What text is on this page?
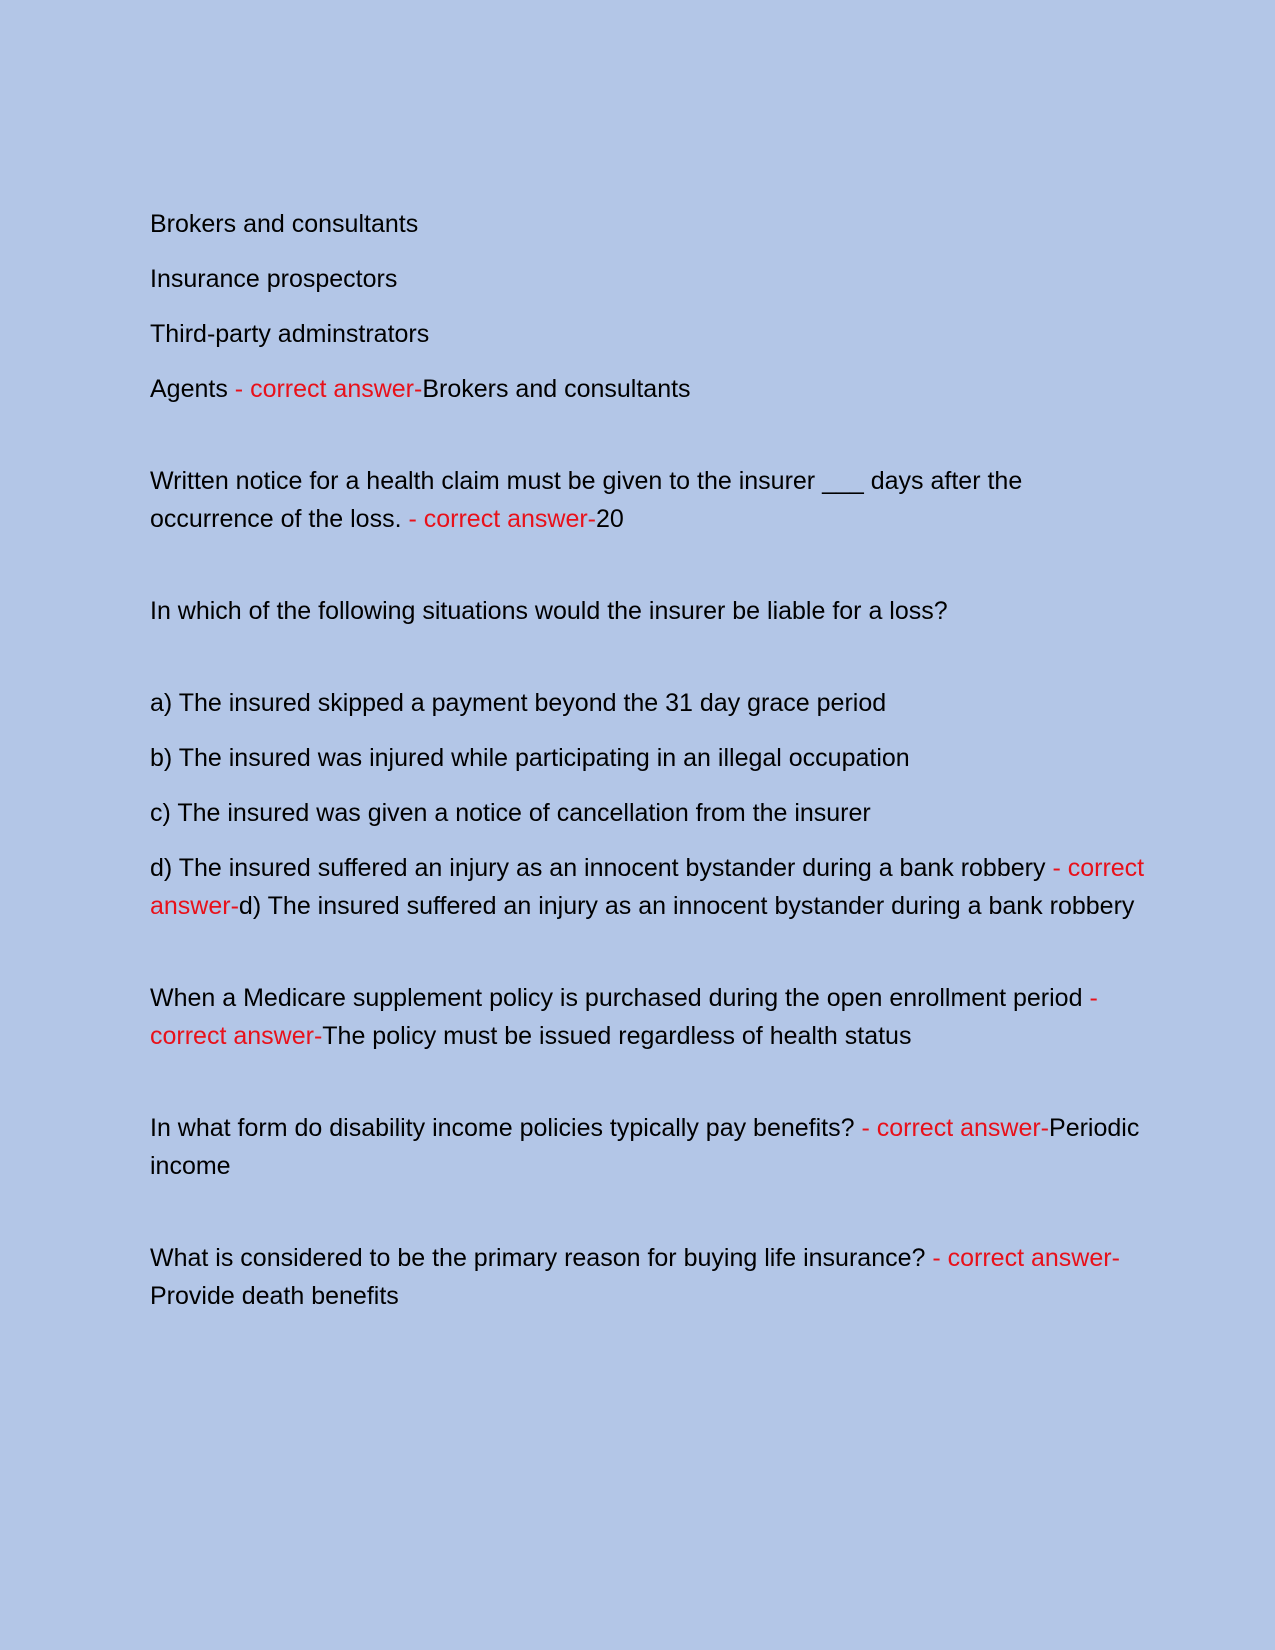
Brokers and consultants

Insurance prospectors

Third-party adminstrators

Agents - correct answer-Brokers and consultants

Written notice for a health claim must be given to the insurer ___ days after the occurrence of the loss. - correct answer-20

In which of the following situations would the insurer be liable for a loss?

a) The insured skipped a payment beyond the 31 day grace period

b) The insured was injured while participating in an illegal occupation

c) The insured was given a notice of cancellation from the insurer

d) The insured suffered an injury as an innocent bystander during a bank robbery - correct answer-d) The insured suffered an injury as an innocent bystander during a bank robbery

When a Medicare supplement policy is purchased during the open enrollment period - correct answer-The policy must be issued regardless of health status

In what form do disability income policies typically pay benefits? - correct answer-Periodic income

What is considered to be the primary reason for buying life insurance? - correct answer-Provide death benefits
